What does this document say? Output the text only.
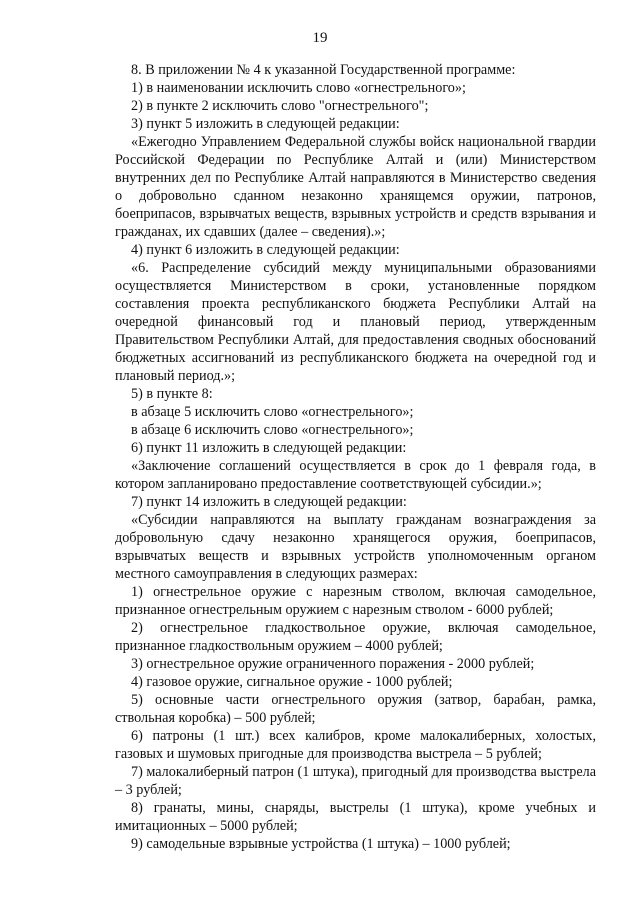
19

8. В приложении № 4 к указанной Государственной программе:

1) в наименовании исключить слово «огнестрельного»;

2) в пункте 2 исключить слово "огнестрельного";

3) пункт 5 изложить в следующей редакции:

«Ежегодно Управлением Федеральной службы войск национальной гвардии Российской Федерации по Республике Алтай и (или) Министерством внутренних дел по Республике Алтай направляются в Министерство сведения о добровольно сданном незаконно хранящемся оружии, патронов, боеприпасов, взрывчатых веществ, взрывных устройств и средств взрывания и гражданах, их сдавших (далее – сведения).»;

4) пункт 6 изложить в следующей редакции:

«6. Распределение субсидий между муниципальными образованиями осуществляется Министерством в сроки, установленные порядком составления проекта республиканского бюджета Республики Алтай на очередной финансовый год и плановый период, утвержденным Правительством Республики Алтай, для предоставления сводных обоснований бюджетных ассигнований из республиканского бюджета на очередной год и плановый период.»;

5) в пункте 8:

в абзаце 5 исключить слово «огнестрельного»;

в абзаце 6 исключить слово «огнестрельного»;

6) пункт 11 изложить в следующей редакции:

«Заключение соглашений осуществляется в срок до 1 февраля года, в котором запланировано предоставление соответствующей субсидии.»;

7) пункт 14 изложить в следующей редакции:

«Субсидии направляются на выплату гражданам вознаграждения за добровольную сдачу незаконно хранящегося оружия, боеприпасов, взрывчатых веществ и взрывных устройств уполномоченным органом местного самоуправления в следующих размерах:

1) огнестрельное оружие с нарезным стволом, включая самодельное, признанное огнестрельным оружием с нарезным стволом - 6000 рублей;

2) огнестрельное гладкоствольное оружие, включая самодельное, признанное гладкоствольным оружием – 4000 рублей;

3) огнестрельное оружие ограниченного поражения - 2000 рублей;

4) газовое оружие, сигнальное оружие - 1000 рублей;

5) основные части огнестрельного оружия (затвор, барабан, рамка, ствольная коробка) – 500 рублей;

6) патроны (1 шт.) всех калибров, кроме малокалиберных, холостых, газовых и шумовых пригодные для производства выстрела – 5 рублей;

7) малокалиберный патрон (1 штука), пригодный для производства выстрела – 3 рублей;

8) гранаты, мины, снаряды, выстрелы (1 штука), кроме учебных и имитационных – 5000 рублей;

9) самодельные взрывные устройства (1 штука) – 1000 рублей;
